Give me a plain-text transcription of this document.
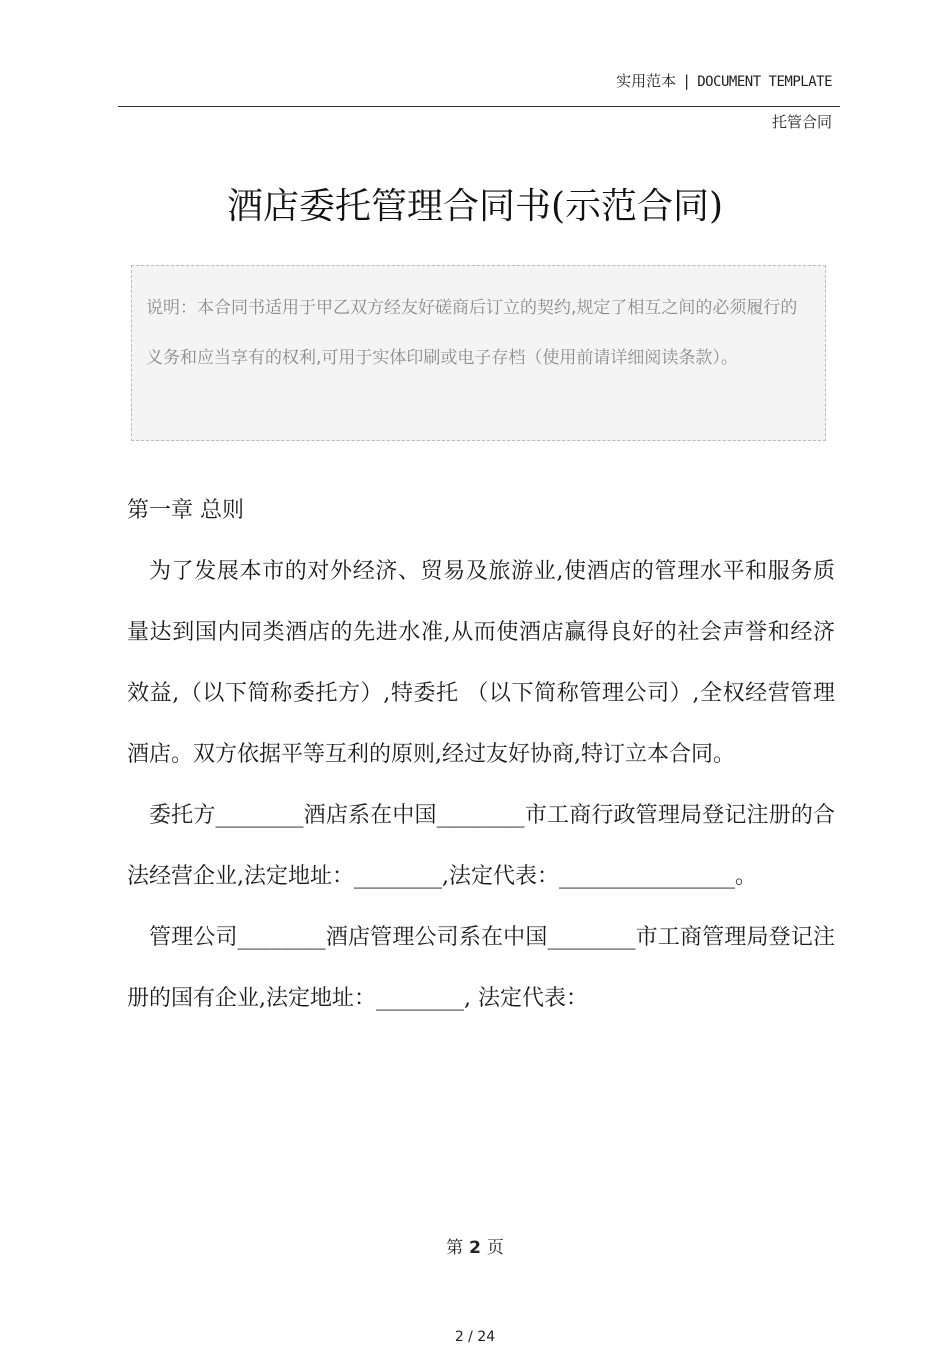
实用范本 | DOCUMENT TEMPLATE
托管合同
酒店委托管理合同书(示范合同)
说明：本合同书适用于甲乙双方经友好磋商后订立的契约,规定了相互之间的必须履行的义务和应当享有的权利,可用于实体印刷或电子存档（使用前请详细阅读条款）。

第一章 总则

为了发展本市的对外经济、贸易及旅游业,使酒店的管理水平和服务质量达到国内同类酒店的先进水准,从而使酒店赢得良好的社会声誉和经济效益,（以下简称委托方）,特委托 （以下简称管理公司）,全权经营管理酒店。双方依据平等互利的原则,经过友好协商,特订立本合同。

委托方________酒店系在中国________市工商行政管理局登记注册的合法经营企业,法定地址：________,法定代表：________________。

管理公司________酒店管理公司系在中国________市工商管理局登记注册的国有企业,法定地址：________, 法定代表：

第 2 页
2 / 24
